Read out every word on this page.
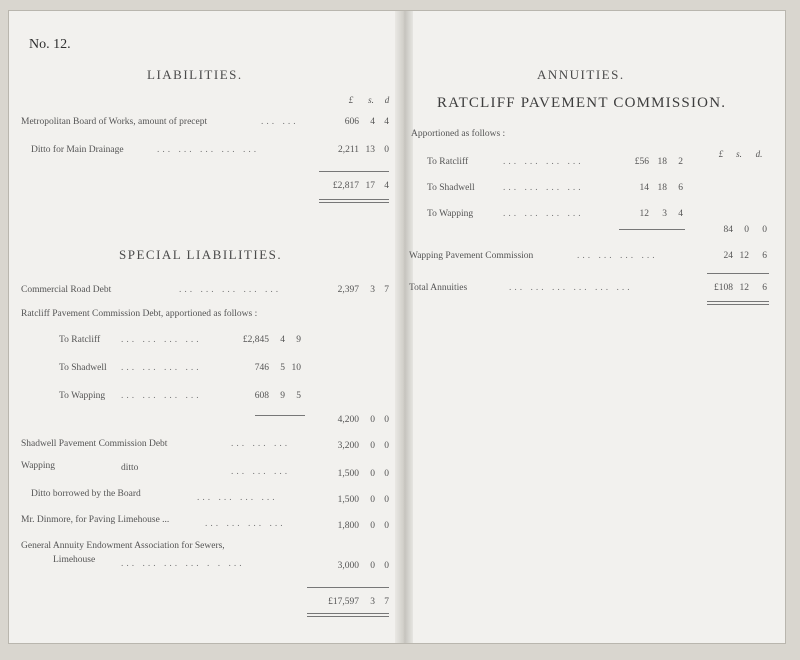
No. 12.
LIABILITIES.
£	s.	d
Metropolitan Board of Works, amount of precept	... ...	606	4 4
Ditto for Main Drainage	... ... ... ... ...	2,211 13 0
£2,817 17 4
SPECIAL LIABILITIES.
Commercial Road Debt	... ... ... ... ...	2,397	3 7
Ratcliff Pavement Commission Debt, apportioned as follows :
To Ratcliff ... ... ... ...	£2,845	4	9
To Shadwell ... ... ... ...	746	5 10
To Wapping ... ... ... ...	608	9	5
4,200	0 0
Shadwell Pavement Commission Debt	... ... ...	3,200	0 0
Wapping	ditto	... ... ...	1,500	0 0
Ditto borrowed by the Board	... ... ... ...	1,500	0 0
Mr. Dinmore, for Paving Limehouse ...	... ... ... ...	1,800	0 0
General Annuity Endowment Association for Sewers,
Limehouse	... ... ... ... . . ...	3,000	0 0
£17,597	3 7
ANNUITIES.
RATCLIFF PAVEMENT COMMISSION.
Apportioned as follows :
£	s.	d.
To Ratcliff	... ... ... ...	£56 18	2
To Shadwell	... ... ... ...	14 18	6
To Wapping	... ... ... ...	12	3	4
84	0	0
Wapping Pavement Commission	... ... ... ...	24 12	6
Total Annuities	... ... ... ... ... ...	£108 12	6
